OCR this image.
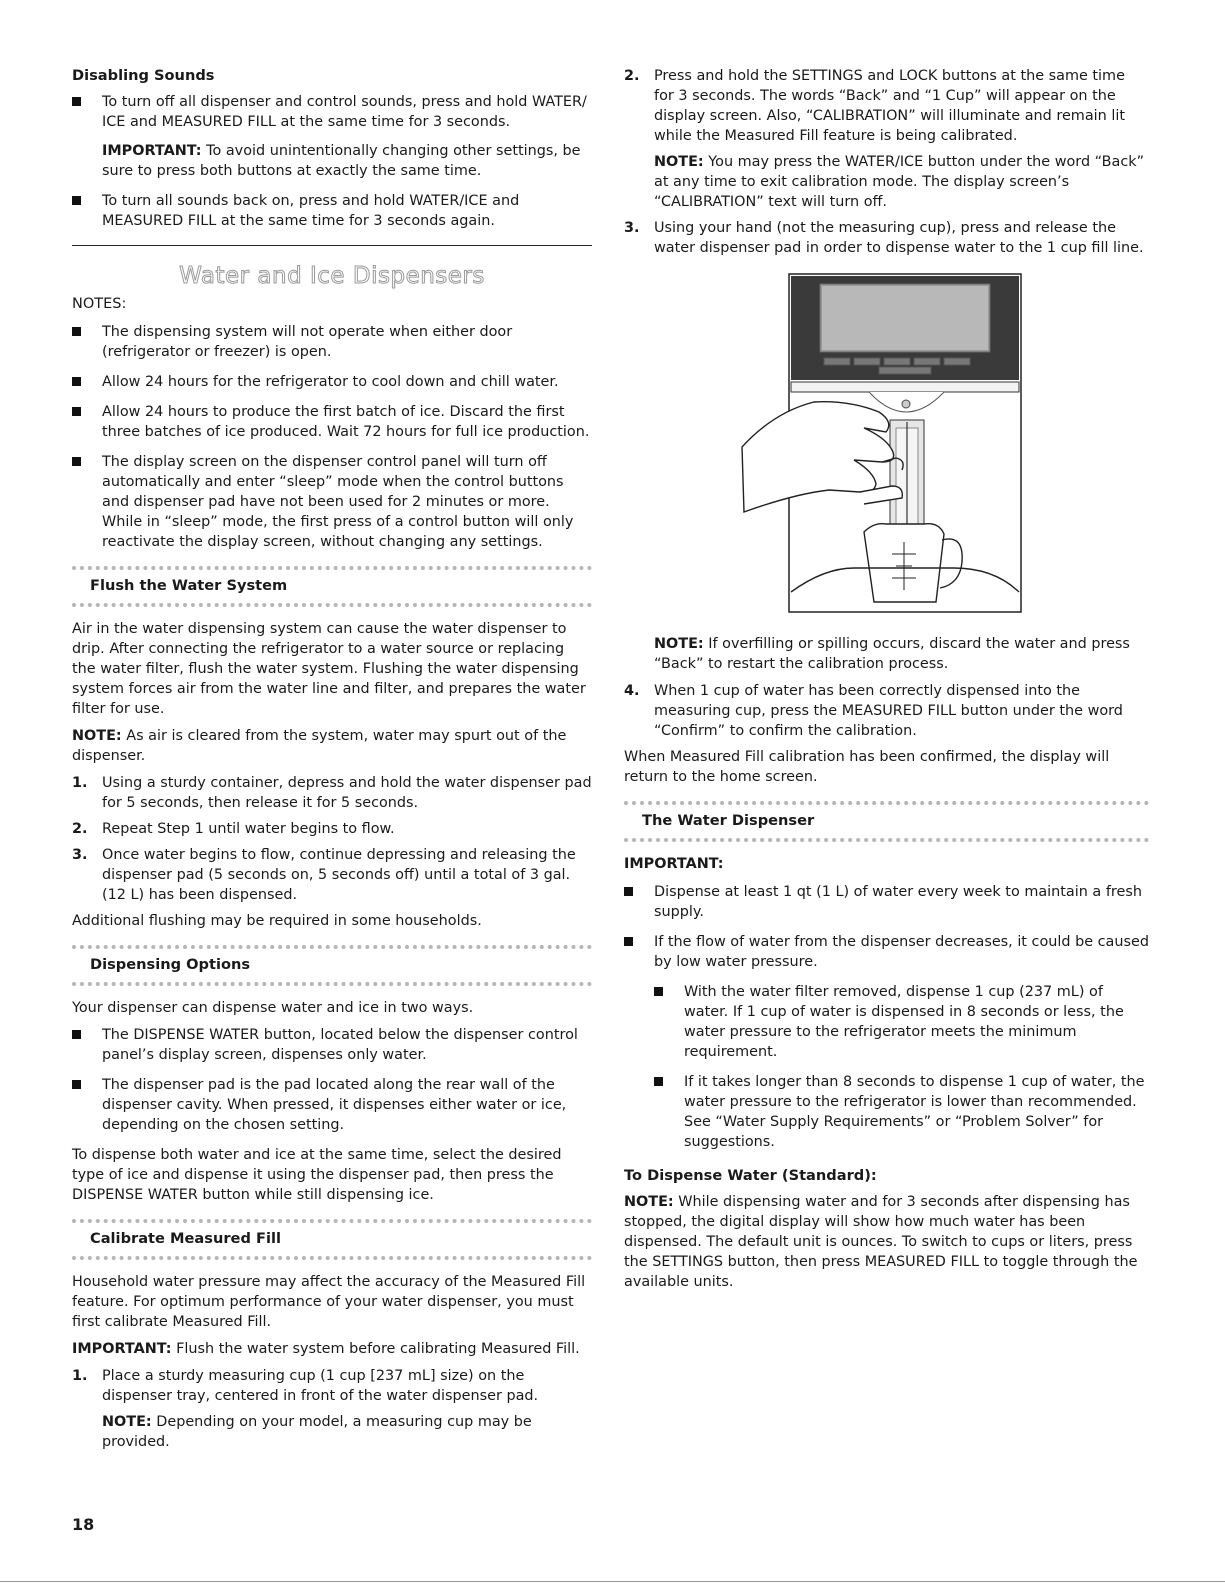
Disabling Sounds
To turn off all dispenser and control sounds, press and hold WATER/ ICE and MEASURED FILL at the same time for 3 seconds.

IMPORTANT: To avoid unintentionally changing other settings, be sure to press both buttons at exactly the same time.

To turn all sounds back on, press and hold WATER/ICE and MEASURED FILL at the same time for 3 seconds again.
Water and Ice Dispensers
NOTES:
The dispensing system will not operate when either door (refrigerator or freezer) is open.
Allow 24 hours for the refrigerator to cool down and chill water.
Allow 24 hours to produce the first batch of ice. Discard the first three batches of ice produced. Wait 72 hours for full ice production.
The display screen on the dispenser control panel will turn off automatically and enter “sleep” mode when the control buttons and dispenser pad have not been used for 2 minutes or more. While in “sleep” mode, the first press of a control button will only reactivate the display screen, without changing any settings.
Flush the Water System

Air in the water dispensing system can cause the water dispenser to drip. After connecting the refrigerator to a water source or replacing the water filter, flush the water system. Flushing the water dispensing system forces air from the water line and filter, and prepares the water filter for use.

NOTE: As air is cleared from the system, water may spurt out of the dispenser.

1. Using a sturdy container, depress and hold the water dispenser pad for 5 seconds, then release it for 5 seconds.
2. Repeat Step 1 until water begins to flow.
3. Once water begins to flow, continue depressing and releasing the dispenser pad (5 seconds on, 5 seconds off) until a total of 3 gal. (12 L) has been dispensed.

Additional flushing may be required in some households.

Dispensing Options

Your dispenser can dispense water and ice in two ways.

The DISPENSE WATER button, located below the dispenser control panel’s display screen, dispenses only water.
The dispenser pad is the pad located along the rear wall of the dispenser cavity. When pressed, it dispenses either water or ice, depending on the chosen setting.

To dispense both water and ice at the same time, select the desired type of ice and dispense it using the dispenser pad, then press the DISPENSE WATER button while still dispensing ice.

Calibrate Measured Fill

Household water pressure may affect the accuracy of the Measured Fill feature. For optimum performance of your water dispenser, you must first calibrate Measured Fill.

IMPORTANT: Flush the water system before calibrating Measured Fill.

1. Place a sturdy measuring cup (1 cup [237 mL] size) on the dispenser tray, centered in front of the water dispenser pad.

NOTE: Depending on your model, a measuring cup may be provided.

2. Press and hold the SETTINGS and LOCK buttons at the same time for 3 seconds. The words “Back” and “1 Cup” will appear on the display screen. Also, “CALIBRATION” will illuminate and remain lit while the Measured Fill feature is being calibrated.

NOTE: You may press the WATER/ICE button under the word “Back” at any time to exit calibration mode. The display screen’s “CALIBRATION” text will turn off.

3. Using your hand (not the measuring cup), press and release the water dispenser pad in order to dispense water to the 1 cup fill line.

NOTE: If overfilling or spilling occurs, discard the water and press “Back” to restart the calibration process.

4. When 1 cup of water has been correctly dispensed into the measuring cup, press the MEASURED FILL button under the word “Confirm” to confirm the calibration.

When Measured Fill calibration has been confirmed, the display will return to the home screen.

The Water Dispenser
IMPORTANT:
Dispense at least 1 qt (1 L) of water every week to maintain a fresh supply.
If the flow of water from the dispenser decreases, it could be caused by low water pressure.
With the water filter removed, dispense 1 cup (237 mL) of water. If 1 cup of water is dispensed in 8 seconds or less, the water pressure to the refrigerator meets the minimum requirement.
If it takes longer than 8 seconds to dispense 1 cup of water, the water pressure to the refrigerator is lower than recommended. See “Water Supply Requirements” or “Problem Solver” for suggestions.
To Dispense Water (Standard):

NOTE: While dispensing water and for 3 seconds after dispensing has stopped, the digital display will show how much water has been dispensed. The default unit is ounces. To switch to cups or liters, press the SETTINGS button, then press MEASURED FILL to toggle through the available units.

18
